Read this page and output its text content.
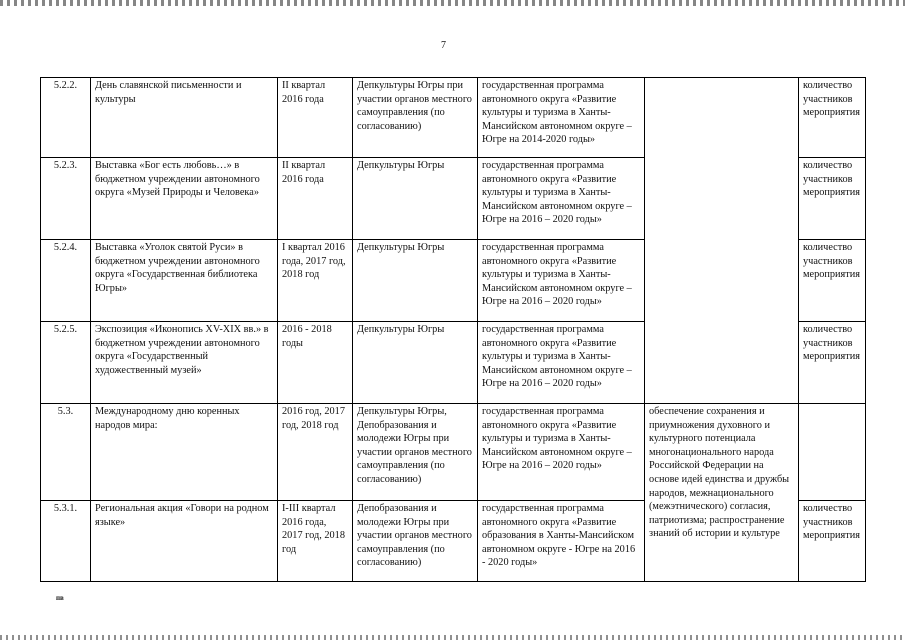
7
5.2.2.	День славянской письменности и культуры	II квартал 2016 года	Депкультуры Югры при участии органов местного самоуправления (по согласованию)	государственная программа автономного округа «Развитие культуры и туризма в Ханты-Мансийском автономном округе – Югре на 2014-2020 годы»		количество участников мероприятия
5.2.3.	Выставка «Бог есть любовь…» в бюджетном учреждении автономного округа «Музей Природы и Человека»	II квартал 2016 года	Депкультуры Югры	государственная программа автономного округа «Развитие культуры и туризма в Ханты-Мансийском автономном округе – Югре на 2016 – 2020 годы»		количество участников мероприятия
5.2.4.	Выставка «Уголок святой Руси» в бюджетном учреждении автономного округа «Государственная библиотека Югры»	I квартал 2016 года, 2017 год, 2018 год	Депкультуры Югры	государственная программа автономного округа «Развитие культуры и туризма в Ханты-Мансийском автономном округе – Югре на 2016 – 2020 годы»		количество участников мероприятия
5.2.5.	Экспозиция «Иконопись XV-XIX вв.» в бюджетном учреждении автономного округа «Государственный художественный музей»	2016 - 2018 годы	Депкультуры Югры	государственная программа автономного округа «Развитие культуры и туризма в Ханты-Мансийском автономном округе – Югре на 2016 – 2020 годы»		количество участников мероприятия
5.3.	Международному дню коренных народов мира:	2016 год, 2017 год, 2018 год	Депкультуры Югры, Депобразования и молодежи Югры при участии органов местного самоуправления (по согласованию)	государственная программа автономного округа «Развитие культуры и туризма в Ханты-Мансийском автономном округе – Югре на 2016 – 2020 годы»	обеспечение сохранения и приумножения духовного и культурного потенциала многонационального народа Российской Федерации на основе идей единства и дружбы народов, межнационального (межэтнического) согласия, патриотизма; распространение знаний об истории и культуре	
5.3.1.	Региональная акция «Говори на родном языке»	I-III квартал 2016 года, 2017 год, 2018 год	Депобразования и молодежи Югры при участии органов местного самоуправления (по согласованию)	государственная программа автономного округа «Развитие образования в Ханты-Мансийском автономном округе - Югре на 2016 - 2020 годы»		количество участников мероприятия
пв
